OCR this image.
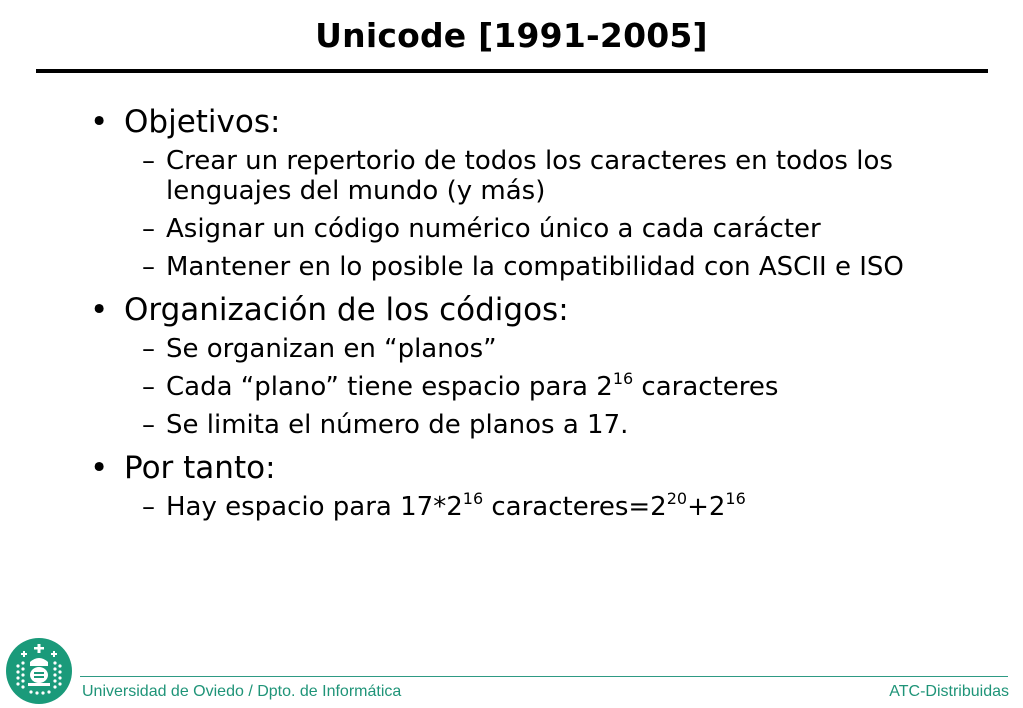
Unicode [1991-2005]
• Objetivos:
– Crear un repertorio de todos los caracteres en todos los lenguajes del mundo (y más)
– Asignar un código numérico único a cada carácter
– Mantener en lo posible la compatibilidad con ASCII e ISO
• Organización de los códigos:
– Se organizan en “planos”
– Cada “plano” tiene espacio para $2^{16}$ caracteres
– Se limita el número de planos a 17.
• Por tanto:
– Hay espacio para $17*2^{16}$ $caracteres=2^{20}+2^{16}$
Universidad de Oviedo / Dpto. de Informática	ATC-Distribuidas
